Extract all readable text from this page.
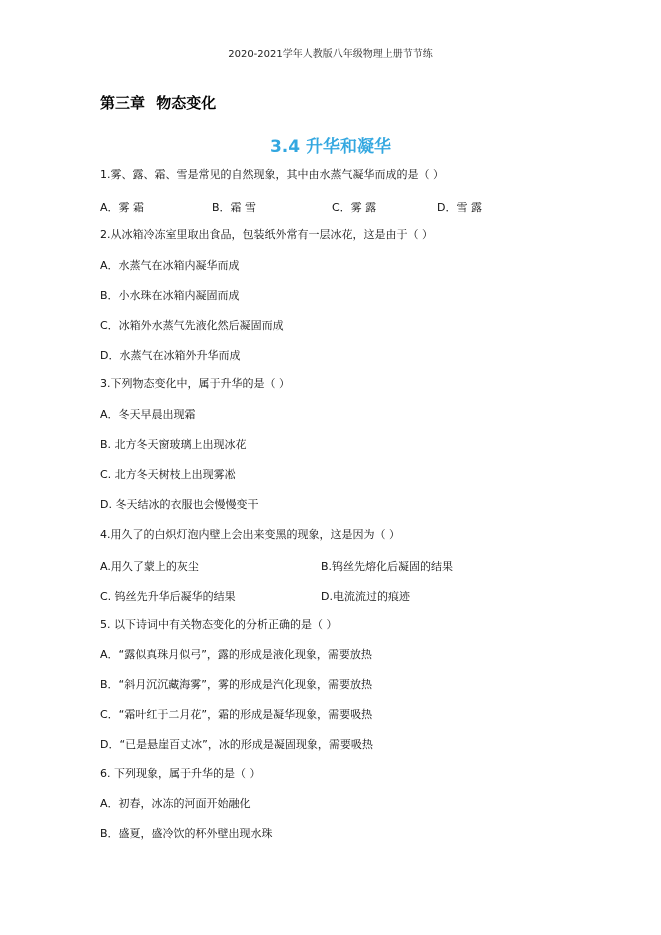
2020-2021学年人教版八年级物理上册节节练
第三章 物态变化
3.4 升华和凝华
1.雾、露、霜、雪是常见的自然现象，其中由水蒸气凝华而成的是（ ）
A．雾 霜	B．霜 雪	C．雾 露	D．雪 露
2.从冰箱冷冻室里取出食品，包装纸外常有一层冰花，这是由于（ ）
A．水蒸气在冰箱内凝华而成
B．小水珠在冰箱内凝固而成
C．冰箱外水蒸气先液化然后凝固而成
D．水蒸气在冰箱外升华而成
3.下列物态变化中，属于升华的是（ ）
A．冬天早晨出现霜
B. 北方冬天窗玻璃上出现冰花
C. 北方冬天树枝上出现雾凇
D. 冬天结冰的衣服也会慢慢变干
4.用久了的白炽灯泡内壁上会出来变黑的现象，这是因为（ ）
A.用久了蒙上的灰尘	B.钨丝先熔化后凝固的结果
C. 钨丝先升华后凝华的结果	D.电流流过的痕迹
5. 以下诗词中有关物态变化的分析正确的是（ ）
A．“露似真珠月似弓”，露的形成是液化现象，需要放热
B．“斜月沉沉藏海雾”，雾的形成是汽化现象，需要放热
C．“霜叶红于二月花”，霜的形成是凝华现象，需要吸热
D．“已是悬崖百丈冰”，冰的形成是凝固现象，需要吸热
6. 下列现象，属于升华的是（ ）
A．初春，冰冻的河面开始融化
B．盛夏，盛冷饮的杯外壁出现水珠
